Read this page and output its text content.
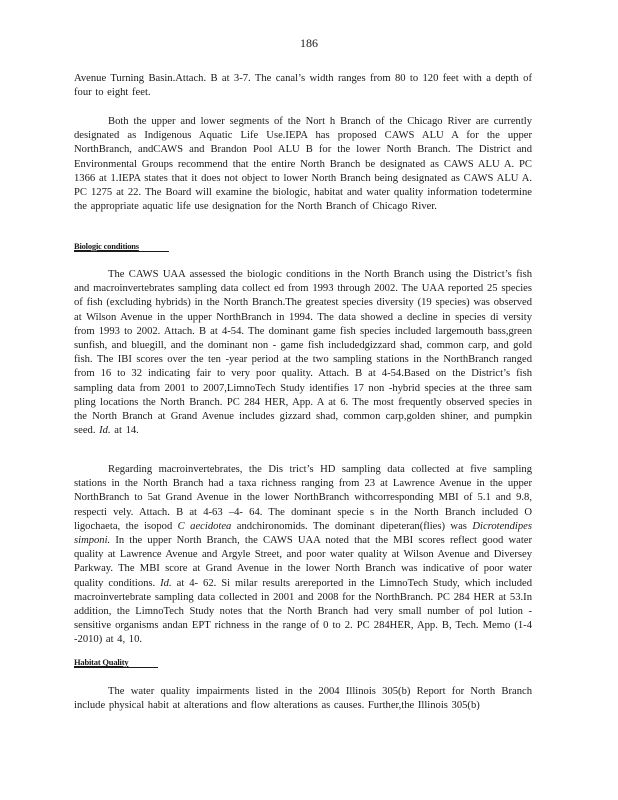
186

Avenue Turning Basin.Attach. B at 3-7. The canal’s width ranges from 80 to 120 feet with a depth of four to eight feet.

Both the upper and lower segments of the Nort h Branch of the Chicago River are currently designated as Indigenous Aquatic Life Use.IEPA has proposed CAWS ALU A for the upper NorthBranch, andCAWS and Brandon Pool ALU B for the lower North Branch. The District and Environmental Groups recommend that the entire North Branch be designated as CAWS ALU A. PC 1366 at 1.IEPA states that it does not object to lower North Branch being designated as CAWS ALU A. PC 1275 at 22. The Board will examine the biologic, habitat and water quality information todetermine the appropriate aquatic life use designation for the North Branch of Chicago River.

Biologic conditions

The CAWS UAA assessed the biologic conditions in the North Branch using the District’s fish and macroinvertebrates sampling data collect ed from 1993 through 2002. The UAA reported 25 species of fish (excluding hybrids) in the North Branch.The greatest species diversity (19 species) was observed at Wilson Avenue in the upper NorthBranch in 1994. The data showed a decline in species di versity from 1993 to 2002. Attach. B at 4-54. The dominant game fish species included largemouth bass,green sunfish, and bluegill, and the dominant non - game fish includedgizzard shad, common carp, and gold fish. The IBI scores over the ten -year period at the two sampling stations in the NorthBranch ranged from 16 to 32 indicating fair to very poor quality. Attach. B at 4-54.Based on the District’s fish sampling data from 2001 to 2007,LimnoTech Study identifies 17 non -hybrid species at the three sam pling locations the North Branch. PC 284 HER, App. A at 6. The most frequently observed species in the North Branch at Grand Avenue includes gizzard shad, common carp,golden shiner, and pumpkin seed. Id. at 14.

Regarding macroinvertebrates, the Dis trict’s HD sampling data collected at five sampling stations in the North Branch had a taxa richness ranging from 23 at Lawrence Avenue in the upper NorthBranch to 5at Grand Avenue in the lower NorthBranch withcorresponding MBI of 5.1 and 9.8, respecti vely. Attach. B at 4-63 –4- 64. The dominant specie s in the North Branch included O ligochaeta, the isopod C aecidotea andchironomids. The dominant dipeteran(flies) was Dicrotendipes simponi. In the upper North Branch, the CAWS UAA noted that the MBI scores reflect good water quality at Lawrence Avenue and Argyle Street, and poor water quality at Wilson Avenue and Diversey Parkway. The MBI score at Grand Avenue in the lower North Branch was indicative of poor water quality conditions. Id. at 4- 62. Si milar results arereported in the LimnoTech Study, which included macroinvertebrate sampling data collected in 2001 and 2008 for the NorthBranch. PC 284 HER at 53.In addition, the LimnoTech Study notes that the North Branch had very small number of pol lution -sensitive organisms andan EPT richness in the range of 0 to 2. PC 284HER, App. B, Tech. Memo (1-4 -2010) at 4, 10.

Habitat Quality

The water quality impairments listed in the 2004 Illinois 305(b) Report for North Branch include physical habit at alterations and flow alterations as causes. Further,the Illinois 305(b)
